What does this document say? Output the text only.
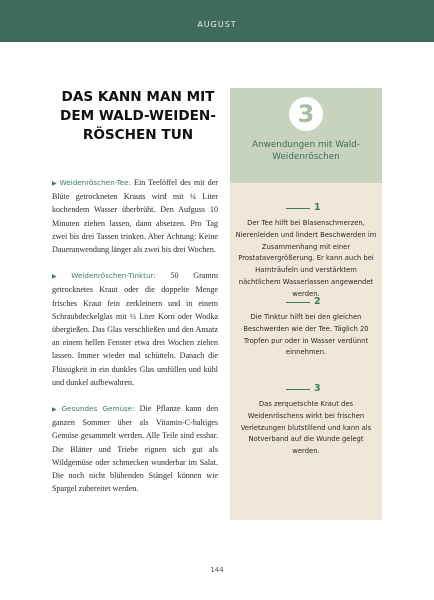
AUGUST
DAS KANN MAN MIT DEM WALD-WEIDEN-RÖSCHEN TUN

▶ Weidenröschen-Tee: Ein Teelöffel des mit der Blüte getrockneten Krauts wird mit ¼ Liter kochendem Wasser überbrüht. Den Aufguss 10 Minuten ziehen lassen, dann absetzen. Pro Tag zwei bis drei Tassen trinken. Aber Achtung: Keine Daueranwendung länger als zwei bis drei Wochen.

▶ Weidenröschen-Tinktur: 50 Gramm getrocknetes Kraut oder die doppelte Menge frisches Kraut fein zerkleinern und in einem Schraubdeckelglas mit ½ Liter Korn oder Wodka übergießen. Das Glas verschließen und den Ansatz an einem hellen Fenster etwa drei Wochen ziehen lassen. Immer wieder mal schütteln. Danach die Flüssigkeit in ein dunkles Glas umfüllen und kühl und dunkel aufbewahren.

▶ Gesundes Gemüse: Die Pflanze kann den ganzen Sommer über als Vitamin-C-haltiges Gemüse gesammelt werden. Alle Teile sind essbar. Die Blätter und Triebe eignen sich gut als Wildgemüse oder schmecken wunderbar im Salat. Die noch nicht blühenden Stängel können wie Spargel zubereitet werden.

3
Anwendungen mit Wald-Weidenröschen
1
Der Tee hilft bei Blasenschmerzen, Nierenleiden und lindert Beschwerden im Zusammenhang mit einer Prostatavergrößerung. Er kann auch bei Harnträufeln und verstärktem nächtlichem Wasserlassen angewendet werden.
2
Die Tinktur hilft bei den gleichen Beschwerden wie der Tee. Täglich 20 Tropfen pur oder in Wasser verdünnt einnehmen.
3
Das zerquetschte Kraut des Weidenröschens wirkt bei frischen Verletzungen blutstillend und kann als Notverband auf die Wunde gelegt werden.
144
